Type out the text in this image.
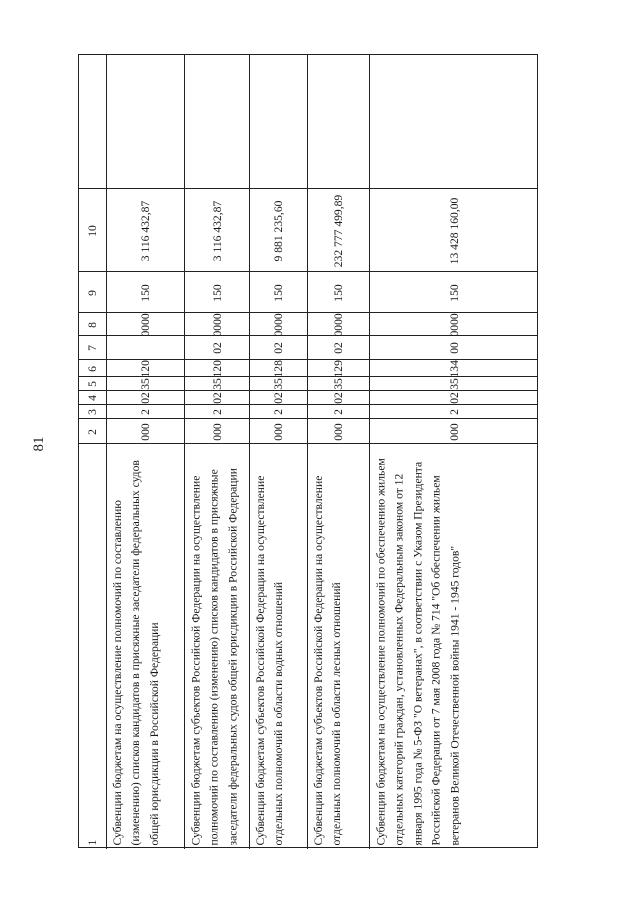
81
1
2
3
4
5
6
7
8
9
10
Субвенции бюджетам на осуществление полномочий по составлению (изменению) списков кандидатов в присяжные заседатели федеральных судов общей юрисдикции в Российской Федерации
000
2
02
35
120
0000
150
3 116 432,87
Субвенции бюджетам субъектов Российской Федерации на осуществление полномочий по составлению (изменению) списков кандидатов в присяжные заседатели федеральных судов общей юрисдикции в Российской Федерации
000
2
02
35
120
02
0000
150
3 116 432,87
Субвенции бюджетам субъектов Российской Федерации на осуществление отдельных полномочий в области водных отношений
000
2
02
35
128
02
0000
150
9 881 235,60
Субвенции бюджетам субъектов Российской Федерации на осуществление отдельных полномочий в области лесных отношений
000
2
02
35
129
02
0000
150
232 777 499,89
Субвенции бюджетам на осуществление полномочий по обеспечению жильем отдельных категорий граждан, установленных Федеральным законом от 12 января 1995 года № 5-ФЗ "О ветеранах", в соответствии с Указом Президента Российской Федерации от 7 мая 2008 года № 714 "Об обеспечении жильем ветеранов Великой Отечественной войны 1941 - 1945 годов"
000
2
02
35
134
00
0000
150
13 428 160,00
